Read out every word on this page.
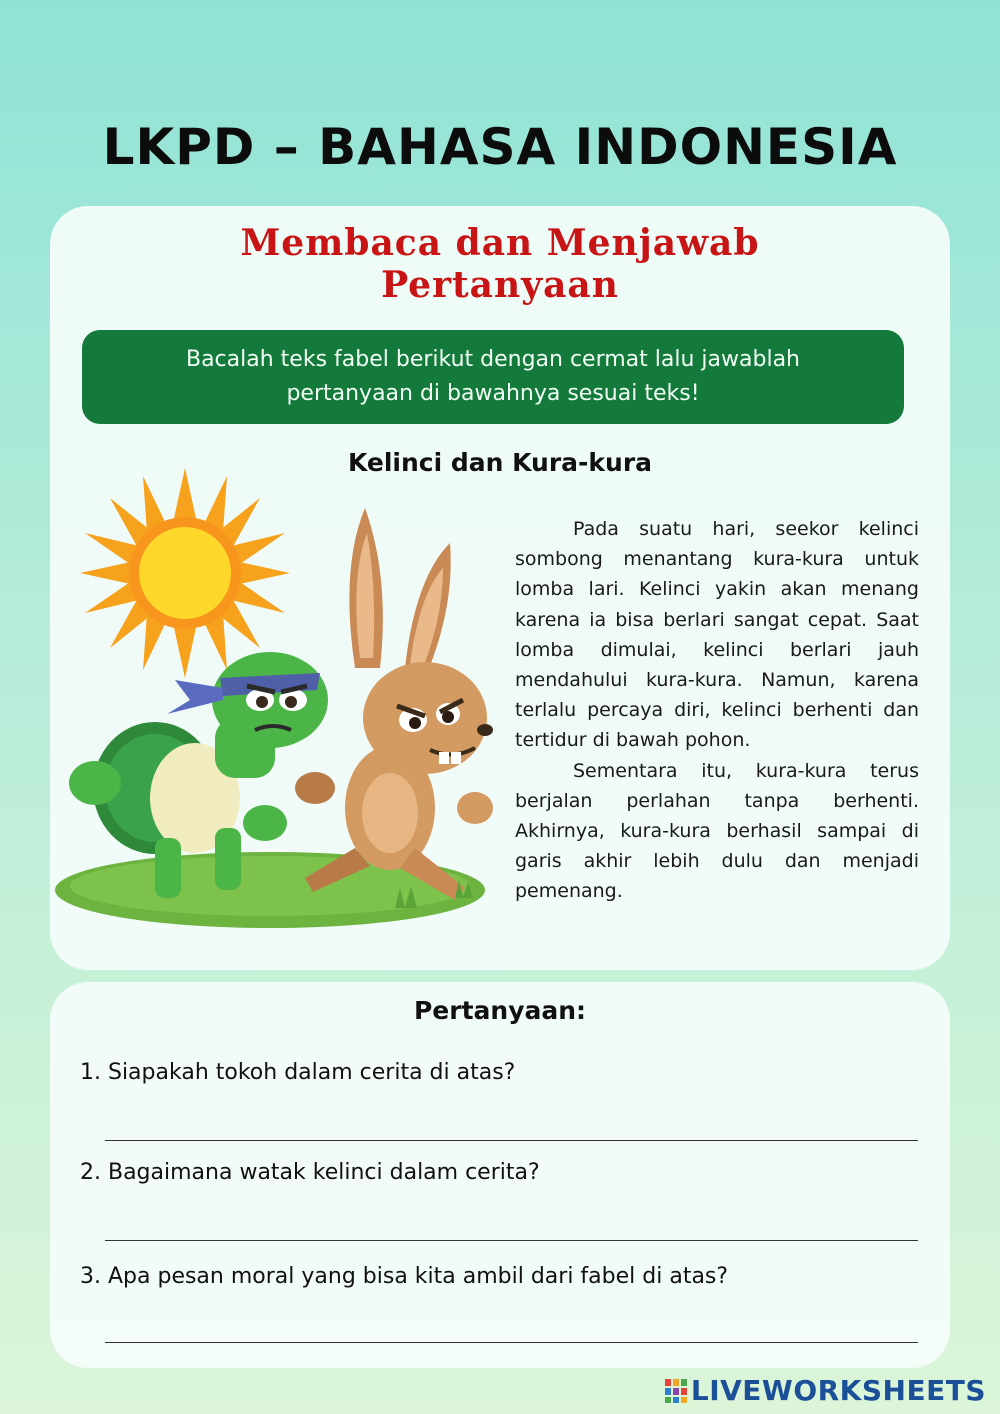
LKPD – BAHASA INDONESIA
Membaca dan Menjawab
Pertanyaan
Bacalah teks fabel berikut dengan cermat lalu jawablah
pertanyaan di bawahnya sesuai teks!
Kelinci dan Kura-kura

Pada suatu hari, seekor kelinci sombong menantang kura-kura untuk lomba lari. Kelinci yakin akan menang karena ia bisa berlari sangat cepat. Saat lomba dimulai, kelinci berlari jauh mendahului kura-kura. Namun, karena terlalu percaya diri, kelinci berhenti dan tertidur di bawah pohon.

Sementara itu, kura-kura terus berjalan perlahan tanpa berhenti. Akhirnya, kura-kura berhasil sampai di garis akhir lebih dulu dan menjadi pemenang.

Pertanyaan:
1. Siapakah tokoh dalam cerita di atas?
2. Bagaimana watak kelinci dalam cerita?
3. Apa pesan moral yang bisa kita ambil dari fabel di atas?
LIVEWORKSHEETS
